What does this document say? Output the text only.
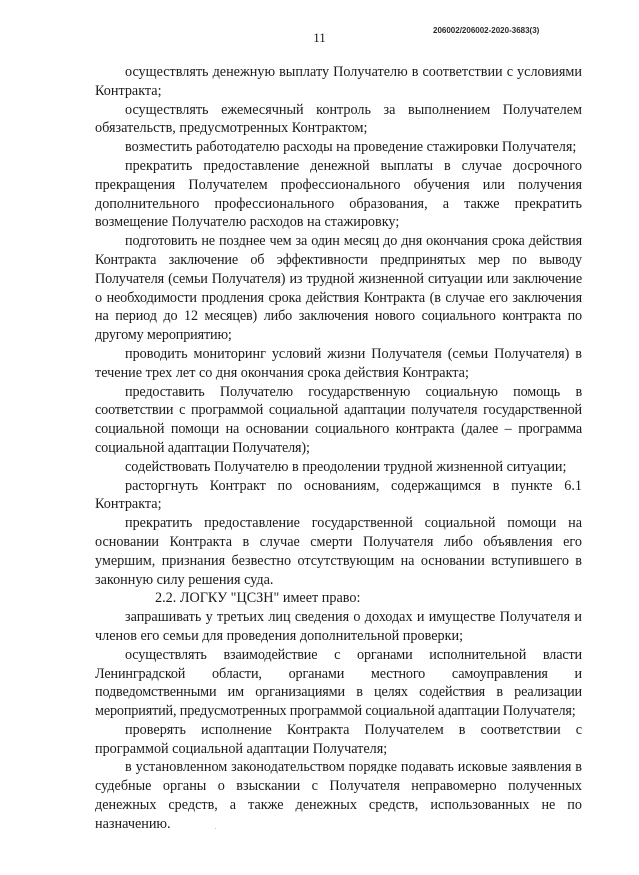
11	206002/206002-2020-3683(3)

осуществлять денежную выплату Получателю в соответствии с условиями Контракта;

осуществлять ежемесячный контроль за выполнением Получателем обязательств, предусмотренных Контрактом;

возместить работодателю расходы на проведение стажировки Получателя;

прекратить предоставление денежной выплаты в случае досрочного прекращения Получателем профессионального обучения или получения дополнительного профессионального образования, а также прекратить возмещение Получателю расходов на стажировку;

подготовить не позднее чем за один месяц до дня окончания срока действия Контракта заключение об эффективности предпринятых мер по выводу Получателя (семьи Получателя) из трудной жизненной ситуации или заключение о необходимости продления срока действия Контракта (в случае его заключения на период до 12 месяцев) либо заключения нового социального контракта по другому мероприятию;

проводить мониторинг условий жизни Получателя (семьи Получателя) в течение трех лет со дня окончания срока действия Контракта;

предоставить Получателю государственную социальную помощь в соответствии с программой социальной адаптации получателя государственной социальной помощи на основании социального контракта (далее – программа социальной адаптации Получателя);

содействовать Получателю в преодолении трудной жизненной ситуации;

расторгнуть Контракт по основаниям, содержащимся в пункте 6.1 Контракта;

прекратить предоставление государственной социальной помощи на основании Контракта в случае смерти Получателя либо объявления его умершим, признания безвестно отсутствующим на основании вступившего в законную силу решения суда.

2.2. ЛОГКУ "ЦСЗН" имеет право:

запрашивать у третьих лиц сведения о доходах и имуществе Получателя и членов его семьи для проведения дополнительной проверки;

осуществлять взаимодействие с органами исполнительной власти Ленинградской области, органами местного самоуправления и подведомственными им организациями в целях содействия в реализации мероприятий, предусмотренных программой социальной адаптации Получателя;

проверять исполнение Контракта Получателем в соответствии с программой социальной адаптации Получателя;

в установленном законодательством порядке подавать исковые заявления в судебные органы о взыскании с Получателя неправомерно полученных денежных средств, а также денежных средств, использованных не по назначению.
